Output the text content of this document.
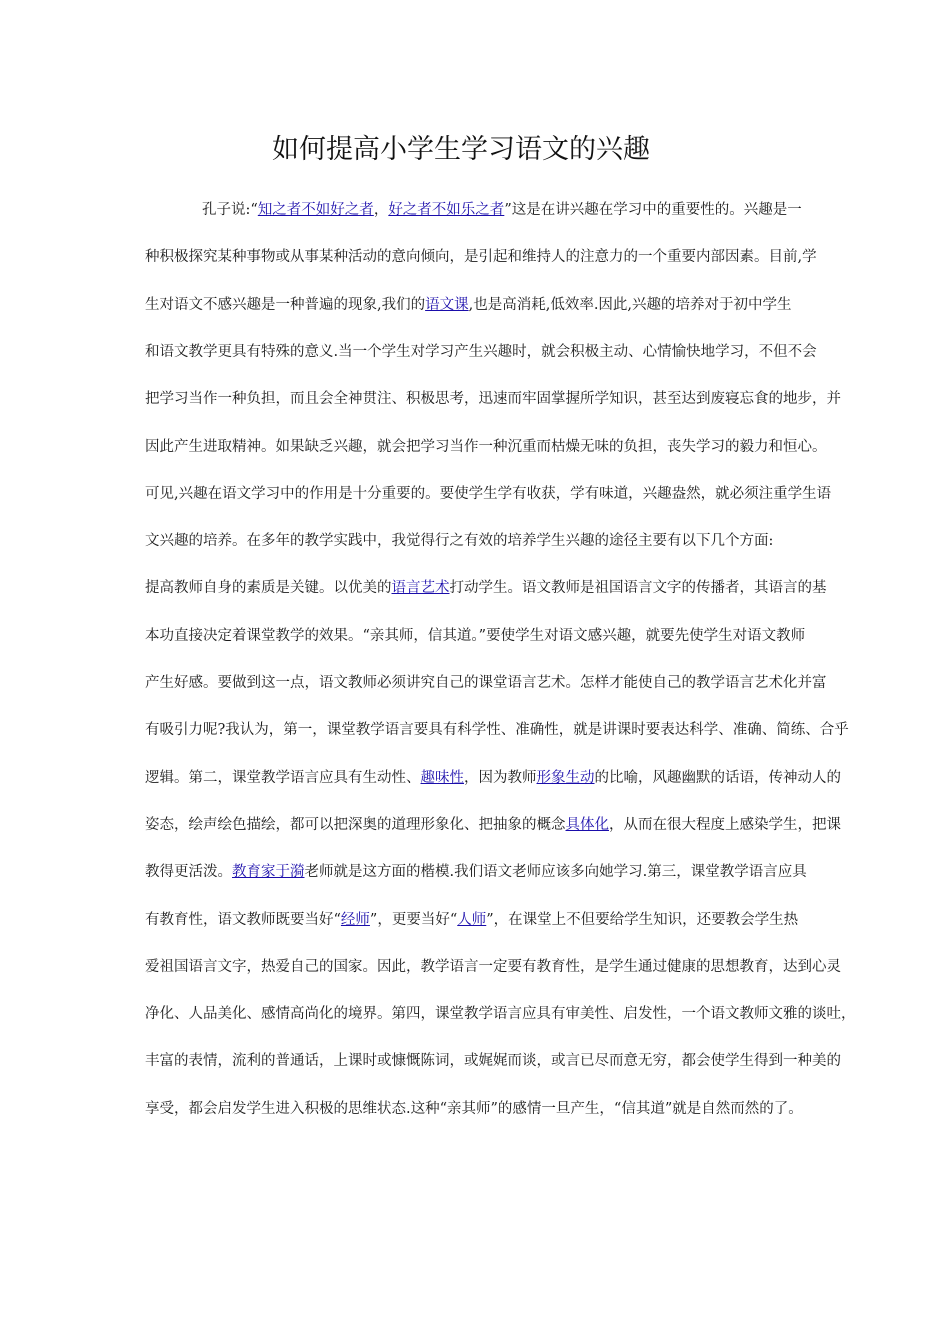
如何提高小学生学习语文的兴趣
孔子说:“知之者不如好之者，好之者不如乐之者”这是在讲兴趣在学习中的重要性的。兴趣是一
种积极探究某种事物或从事某种活动的意向倾向，是引起和维持人的注意力的一个重要内部因素。目前,学
生对语文不感兴趣是一种普遍的现象,我们的语文课,也是高消耗,低效率.因此,兴趣的培养对于初中学生
和语文教学更具有特殊的意义.当一个学生对学习产生兴趣时，就会积极主动、心情愉快地学习，不但不会
把学习当作一种负担，而且会全神贯注、积极思考，迅速而牢固掌握所学知识，甚至达到废寝忘食的地步，并
因此产生进取精神。如果缺乏兴趣，就会把学习当作一种沉重而枯燥无味的负担，丧失学习的毅力和恒心。
可见,兴趣在语文学习中的作用是十分重要的。要使学生学有收获，学有味道，兴趣盎然，就必须注重学生语
文兴趣的培养。在多年的教学实践中，我觉得行之有效的培养学生兴趣的途径主要有以下几个方面:
提高教师自身的素质是关键。以优美的语言艺术打动学生。语文教师是祖国语言文字的传播者，其语言的基
本功直接决定着课堂教学的效果。“亲其师，信其道。”要使学生对语文感兴趣，就要先使学生对语文教师
产生好感。要做到这一点，语文教师必须讲究自己的课堂语言艺术。怎样才能使自己的教学语言艺术化并富
有吸引力呢?我认为，第一，课堂教学语言要具有科学性、准确性，就是讲课时要表达科学、准确、简练、合乎
逻辑。第二，课堂教学语言应具有生动性、趣味性，因为教师形象生动的比喻，风趣幽默的话语，传神动人的
姿态，绘声绘色描绘，都可以把深奥的道理形象化、把抽象的概念具体化，从而在很大程度上感染学生，把课
教得更活泼。教育家于漪老师就是这方面的楷模.我们语文老师应该多向她学习.第三，课堂教学语言应具
有教育性，语文教师既要当好“经师”，更要当好“人师”，在课堂上不但要给学生知识，还要教会学生热
爱祖国语言文字，热爱自己的国家。因此，教学语言一定要有教育性，是学生通过健康的思想教育，达到心灵
净化、人品美化、感情高尚化的境界。第四，课堂教学语言应具有审美性、启发性，一个语文教师文雅的谈吐，
丰富的表情，流利的普通话，上课时或慷慨陈词，或娓娓而谈，或言已尽而意无穷，都会使学生得到一种美的
享受，都会启发学生进入积极的思维状态.这种“亲其师”的感情一旦产生，“信其道”就是自然而然的了。
